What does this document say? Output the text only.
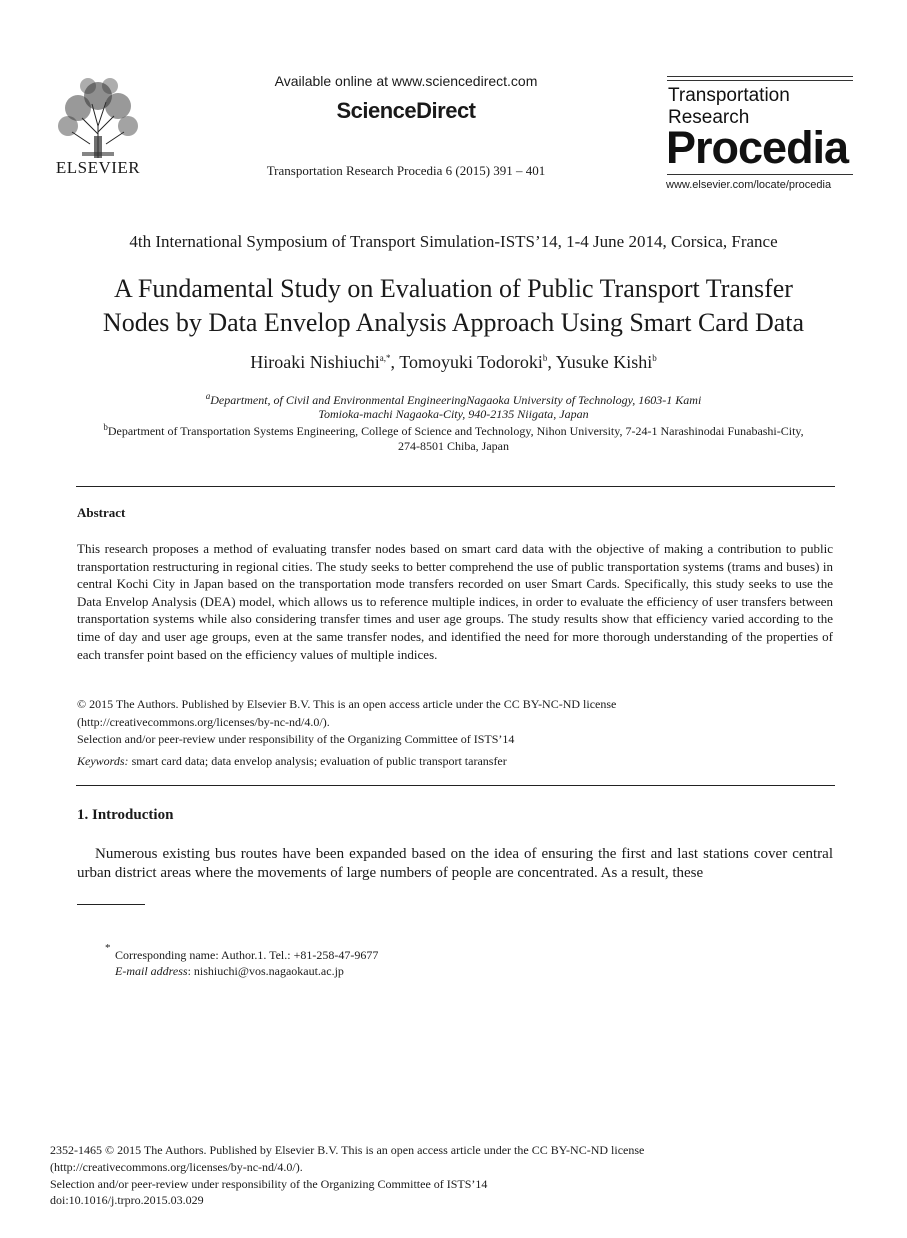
ELSEVIER
Available online at www.sciencedirect.com
ScienceDirect
Transportation Research Procedia 6 (2015) 391 – 401
Transportation
Research
Procedia
www.elsevier.com/locate/procedia
4th International Symposium of Transport Simulation-ISTS’14, 1-4 June 2014, Corsica, France
A Fundamental Study on Evaluation of Public Transport Transfer
Nodes by Data Envelop Analysis Approach Using Smart Card Data
Hiroaki Nishiuchi$^{a,*}$, Tomoyuki Todoroki$^b$, Yusuke Kishi$^b$
$^a$Department, of Civil and Environmental EngineeringNagaoka University of Technology, 1603-1 Kami
Tomioka-machi Nagaoka-City, 940-2135 Niigata, Japan
$^b$Department of Transportation Systems Engineering, College of Science and Technology, Nihon University, 7-24-1 Narashinodai Funabashi-City,
274-8501 Chiba, Japan
Abstract
This research proposes a method of evaluating transfer nodes based on smart card data with the objective of making a contribution to public transportation restructuring in regional cities. The study seeks to better comprehend the use of public transportation systems (trams and buses) in central Kochi City in Japan based on the transportation mode transfers recorded on user Smart Cards. Specifically, this study seeks to use the Data Envelop Analysis (DEA) model, which allows us to reference multiple indices, in order to evaluate the efficiency of user transfers between transportation systems while also considering transfer times and user age groups. The study results show that efficiency varied according to the time of day and user age groups, even at the same transfer nodes, and identified the need for more thorough understanding of the properties of each transfer point based on the efficiency values of multiple indices.
© 2015 The Authors. Published by Elsevier B.V. This is an open access article under the CC BY-NC-ND license
(http://creativecommons.org/licenses/by-nc-nd/4.0/).
Selection and/or peer-review under responsibility of the Organizing Committee of ISTS’14
Keywords: smart card data; data envelop analysis; evaluation of public transport taransfer
1. Introduction
Numerous existing bus routes have been expanded based on the idea of ensuring the first and last stations cover central urban district areas where the movements of large numbers of people are concentrated. As a result, these
* Corresponding name: Author.1. Tel.: +81-258-47-9677
E-mail address: nishiuchi@vos.nagaokaut.ac.jp
2352-1465 © 2015 The Authors. Published by Elsevier B.V. This is an open access article under the CC BY-NC-ND license
(http://creativecommons.org/licenses/by-nc-nd/4.0/).
Selection and/or peer-review under responsibility of the Organizing Committee of ISTS’14
doi:10.1016/j.trpro.2015.03.029
